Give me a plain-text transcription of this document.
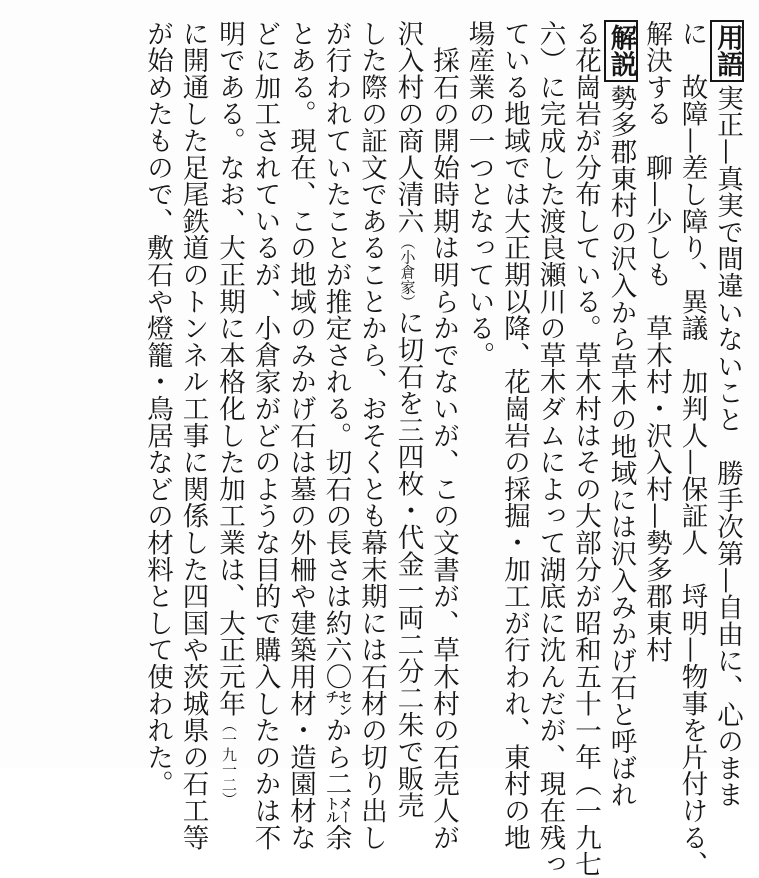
用語実正—真実で間違いないこと　勝手次第—自由に、心のまま
に　故障—差し障り、異議　加判人—保証人　埒明—物事を片付ける、
解決する　聊—少しも　草木村・沢入村—勢多郡東村
解説勢多郡東村の沢入から草木の地域には沢入みかげ石と呼ばれ
る花崗岩が分布している。草木村はその大部分が昭和五十一年（一九七
六）に完成した渡良瀬川の草木ダムによって湖底に沈んだが、現在残っ
ている地域では大正期以降、花崗岩の採掘・加工が行われ、東村の地
場産業の一つとなっている。
　採石の開始時期は明らかでないが、この文書が、草木村の石売人が
沢入村の商人清六（小倉家）に切石を三四枚・代金一両二分二朱で販売
した際の証文であることから、おそくとも幕末期には石材の切り出し
が行われていたことが推定される。切石の長さは約六〇㌢から二㍍余
とある。現在、この地域のみかげ石は墓の外柵や建築用材・造園材な
どに加工されているが、小倉家がどのような目的で購入したのかは不
明である。なお、大正期に本格化した加工業は、大正元年（一九一二）
に開通した足尾鉄道のトンネル工事に関係した四国や茨城県の石工等
が始めたもので、敷石や燈籠・鳥居などの材料として使われた。
